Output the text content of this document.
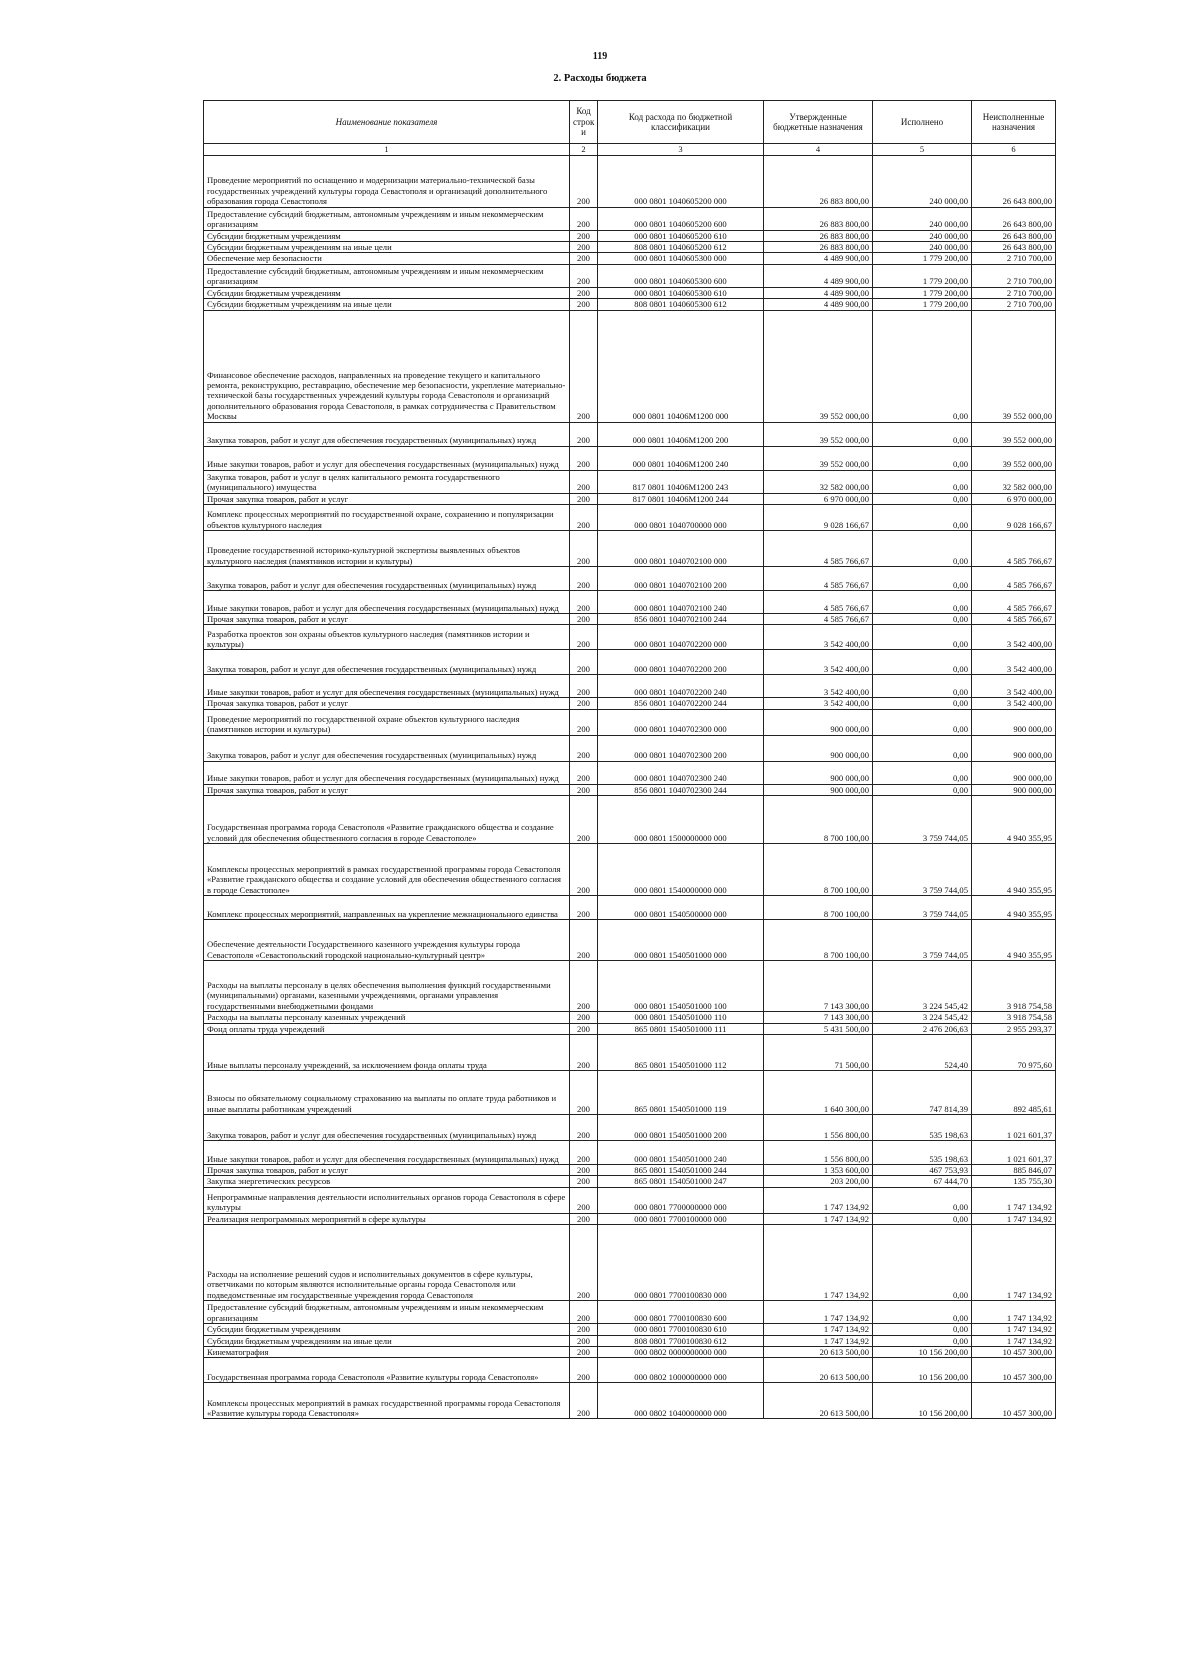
119
2. Расходы бюджета
Наименование показателя	Код строк и	Код расхода по бюджетной классификации	Утвержденные бюджетные назначения	Исполнено	Неисполненные назначения
1	2	3	4	5	6
Проведение мероприятий по оснащению и модернизации материально-технической базы государственных учреждений культуры города Севастополя и организаций дополнительного образования города Севастополя	200	000 0801 1040605200 000	26 883 800,00	240 000,00	26 643 800,00
Предоставление субсидий бюджетным, автономным учреждениям и иным некоммерческим организациям	200	000 0801 1040605200 600	26 883 800,00	240 000,00	26 643 800,00
Субсидии бюджетным учреждениям	200	000 0801 1040605200 610	26 883 800,00	240 000,00	26 643 800,00
Субсидии бюджетным учреждениям на иные цели	200	808 0801 1040605200 612	26 883 800,00	240 000,00	26 643 800,00
Обеспечение мер безопасности	200	000 0801 1040605300 000	4 489 900,00	1 779 200,00	2 710 700,00
Предоставление субсидий бюджетным, автономным учреждениям и иным некоммерческим организациям	200	000 0801 1040605300 600	4 489 900,00	1 779 200,00	2 710 700,00
Субсидии бюджетным учреждениям	200	000 0801 1040605300 610	4 489 900,00	1 779 200,00	2 710 700,00
Субсидии бюджетным учреждениям на иные цели	200	808 0801 1040605300 612	4 489 900,00	1 779 200,00	2 710 700,00
Финансовое обеспечение расходов, направленных на проведение текущего и капитального ремонта, реконструкцию, реставрацию, обеспечение мер безопасности, укрепление материально-технической базы государственных учреждений культуры города Севастополя и организаций дополнительного образования города Севастополя, в рамках сотрудничества с Правительством Москвы	200	000 0801 10406M1200 000	39 552 000,00	0,00	39 552 000,00
Закупка товаров, работ и услуг для обеспечения государственных (муниципальных) нужд	200	000 0801 10406M1200 200	39 552 000,00	0,00	39 552 000,00
Иные закупки товаров, работ и услуг для обеспечения государственных (муниципальных) нужд	200	000 0801 10406M1200 240	39 552 000,00	0,00	39 552 000,00
Закупка товаров, работ и услуг в целях капитального ремонта государственного (муниципального) имущества	200	817 0801 10406M1200 243	32 582 000,00	0,00	32 582 000,00
Прочая закупка товаров, работ и услуг	200	817 0801 10406M1200 244	6 970 000,00	0,00	6 970 000,00
Комплекс процессных мероприятий по государственной охране, сохранению и популяризации объектов культурного наследия	200	000 0801 1040700000 000	9 028 166,67	0,00	9 028 166,67
Проведение государственной историко-культурной экспертизы выявленных объектов культурного наследия (памятников истории и культуры)	200	000 0801 1040702100 000	4 585 766,67	0,00	4 585 766,67
Закупка товаров, работ и услуг для обеспечения государственных (муниципальных) нужд	200	000 0801 1040702100 200	4 585 766,67	0,00	4 585 766,67
Иные закупки товаров, работ и услуг для обеспечения государственных (муниципальных) нужд	200	000 0801 1040702100 240	4 585 766,67	0,00	4 585 766,67
Прочая закупка товаров, работ и услуг	200	856 0801 1040702100 244	4 585 766,67	0,00	4 585 766,67
Разработка проектов зон охраны объектов культурного наследия (памятников истории и культуры)	200	000 0801 1040702200 000	3 542 400,00	0,00	3 542 400,00
Закупка товаров, работ и услуг для обеспечения государственных (муниципальных) нужд	200	000 0801 1040702200 200	3 542 400,00	0,00	3 542 400,00
Иные закупки товаров, работ и услуг для обеспечения государственных (муниципальных) нужд	200	000 0801 1040702200 240	3 542 400,00	0,00	3 542 400,00
Прочая закупка товаров, работ и услуг	200	856 0801 1040702200 244	3 542 400,00	0,00	3 542 400,00
Проведение мероприятий по государственной охране объектов культурного наследия (памятников истории и культуры)	200	000 0801 1040702300 000	900 000,00	0,00	900 000,00
Закупка товаров, работ и услуг для обеспечения государственных (муниципальных) нужд	200	000 0801 1040702300 200	900 000,00	0,00	900 000,00
Иные закупки товаров, работ и услуг для обеспечения государственных (муниципальных) нужд	200	000 0801 1040702300 240	900 000,00	0,00	900 000,00
Прочая закупка товаров, работ и услуг	200	856 0801 1040702300 244	900 000,00	0,00	900 000,00
Государственная программа города Севастополя «Развитие гражданского общества и создание условий для обеспечения общественного согласия в городе Севастополе»	200	000 0801 1500000000 000	8 700 100,00	3 759 744,05	4 940 355,95
Комплексы процессных мероприятий в рамках государственной программы города Севастополя «Развитие гражданского общества и создание условий для обеспечения общественного согласия в городе Севастополе»	200	000 0801 1540000000 000	8 700 100,00	3 759 744,05	4 940 355,95
Комплекс процессных мероприятий, направленных на укрепление межнационального единства	200	000 0801 1540500000 000	8 700 100,00	3 759 744,05	4 940 355,95
Обеспечение деятельности Государственного казенного учреждения культуры города Севастополя «Севастопольский городской национально-культурный центр»	200	000 0801 1540501000 000	8 700 100,00	3 759 744,05	4 940 355,95
Расходы на выплаты персоналу в целях обеспечения выполнения функций государственными (муниципальными) органами, казенными учреждениями, органами управления государственными внебюджетными фондами	200	000 0801 1540501000 100	7 143 300,00	3 224 545,42	3 918 754,58
Расходы на выплаты персоналу казенных учреждений	200	000 0801 1540501000 110	7 143 300,00	3 224 545,42	3 918 754,58
Фонд оплаты труда учреждений	200	865 0801 1540501000 111	5 431 500,00	2 476 206,63	2 955 293,37
Иные выплаты персоналу учреждений, за исключением фонда оплаты труда	200	865 0801 1540501000 112	71 500,00	524,40	70 975,60
Взносы по обязательному социальному страхованию на выплаты по оплате труда работников и иные выплаты работникам учреждений	200	865 0801 1540501000 119	1 640 300,00	747 814,39	892 485,61
Закупка товаров, работ и услуг для обеспечения государственных (муниципальных) нужд	200	000 0801 1540501000 200	1 556 800,00	535 198,63	1 021 601,37
Иные закупки товаров, работ и услуг для обеспечения государственных (муниципальных) нужд	200	000 0801 1540501000 240	1 556 800,00	535 198,63	1 021 601,37
Прочая закупка товаров, работ и услуг	200	865 0801 1540501000 244	1 353 600,00	467 753,93	885 846,07
Закупка энергетических ресурсов	200	865 0801 1540501000 247	203 200,00	67 444,70	135 755,30
Непрограммные направления деятельности исполнительных органов города Севастополя в сфере культуры	200	000 0801 7700000000 000	1 747 134,92	0,00	1 747 134,92
Реализация непрограммных мероприятий в сфере культуры	200	000 0801 7700100000 000	1 747 134,92	0,00	1 747 134,92
Расходы на исполнение решений судов и исполнительных документов в сфере культуры, ответчиками по которым являются исполнительные органы города Севастополя или подведомственные им государственные учреждения города Севастополя	200	000 0801 7700100830 000	1 747 134,92	0,00	1 747 134,92
Предоставление субсидий бюджетным, автономным учреждениям и иным некоммерческим организациям	200	000 0801 7700100830 600	1 747 134,92	0,00	1 747 134,92
Субсидии бюджетным учреждениям	200	000 0801 7700100830 610	1 747 134,92	0,00	1 747 134,92
Субсидии бюджетным учреждениям на иные цели	200	808 0801 7700100830 612	1 747 134,92	0,00	1 747 134,92
Кинематография	200	000 0802 0000000000 000	20 613 500,00	10 156 200,00	10 457 300,00
Государственная программа города Севастополя «Развитие культуры города Севастополя»	200	000 0802 1000000000 000	20 613 500,00	10 156 200,00	10 457 300,00
Комплексы процессных мероприятий в рамках государственной программы города Севастополя «Развитие культуры города Севастополя»	200	000 0802 1040000000 000	20 613 500,00	10 156 200,00	10 457 300,00
